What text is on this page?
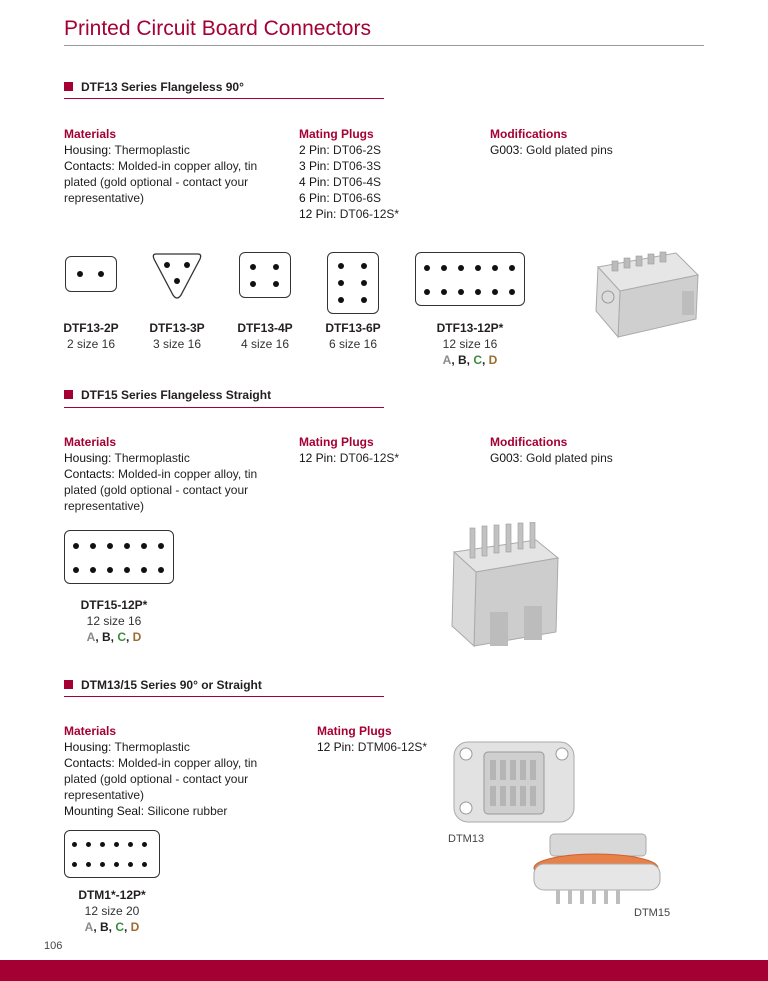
Printed Circuit Board Connectors
DTF13 Series Flangeless 90°
Materials
Housing: Thermoplastic
Contacts: Molded-in copper alloy, tin
plated (gold optional - contact your
representative)
Mating Plugs
2 Pin: DT06-2S
3 Pin: DT06-3S
4 Pin: DT06-4S
6 Pin: DT06-6S
12 Pin: DT06-12S*
Modifications
G003: Gold plated pins
DTF13-2P
2 size 16
DTF13-3P
3 size 16
DTF13-4P
4 size 16
DTF13-6P
6 size 16
DTF13-12P*
12 size 16
A, B, C, D
DTF15 Series Flangeless Straight
Materials
Housing: Thermoplastic
Contacts: Molded-in copper alloy, tin
plated (gold optional - contact your
representative)
Mating Plugs
12 Pin: DT06-12S*
Modifications
G003: Gold plated pins
DTF15-12P*
12 size 16
A, B, C, D
DTM13/15 Series 90° or Straight
Materials
Housing: Thermoplastic
Contacts: Molded-in copper alloy, tin
plated (gold optional - contact your
representative)
Mounting Seal: Silicone rubber
Mating Plugs
12 Pin: DTM06-12S*
DTM13
DTM15
DTM1*-12P*
12 size 20
A, B, C, D
106
